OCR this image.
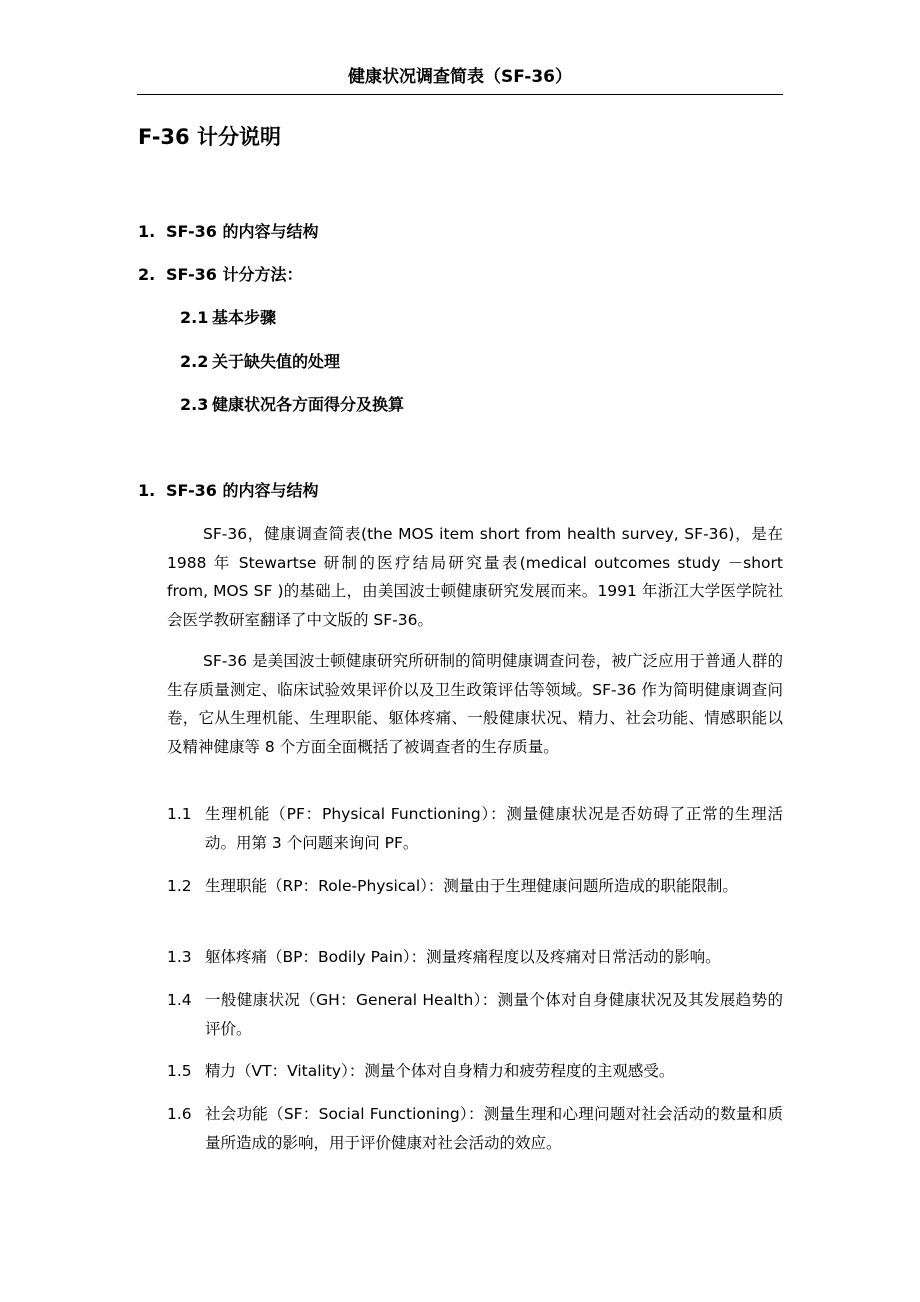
健康状况调查简表（SF-36）
F-36 计分说明
1. SF-36 的内容与结构
2. SF-36 计分方法：
2.1 基本步骤
2.2 关于缺失值的处理
2.3 健康状况各方面得分及换算
1. SF-36 的内容与结构

SF-36，健康调查简表(the MOS item short from health survey, SF-36)，是在1988 年 Stewartse 研制的医疗结局研究量表(medical outcomes study －short from, MOS SF )的基础上，由美国波士顿健康研究发展而来。1991 年浙江大学医学院社会医学教研室翻译了中文版的 SF-36。

SF-36 是美国波士顿健康研究所研制的简明健康调查问卷，被广泛应用于普通人群的生存质量测定、临床试验效果评价以及卫生政策评估等领域。SF-36 作为简明健康调查问卷，它从生理机能、生理职能、躯体疼痛、一般健康状况、精力、社会功能、情感职能以及精神健康等 8 个方面全面概括了被调查者的生存质量。

1.1 生理机能（PF：Physical Functioning）：测量健康状况是否妨碍了正常的生理活动。用第 3 个问题来询问 PF。
1.2 生理职能（RP：Role-Physical）：测量由于生理健康问题所造成的职能限制。
1.3 躯体疼痛（BP：Bodily Pain）：测量疼痛程度以及疼痛对日常活动的影响。
1.4 一般健康状况（GH：General Health）：测量个体对自身健康状况及其发展趋势的评价。
1.5 精力（VT：Vitality）：测量个体对自身精力和疲劳程度的主观感受。
1.6 社会功能（SF：Social Functioning）：测量生理和心理问题对社会活动的数量和质量所造成的影响，用于评价健康对社会活动的效应。
